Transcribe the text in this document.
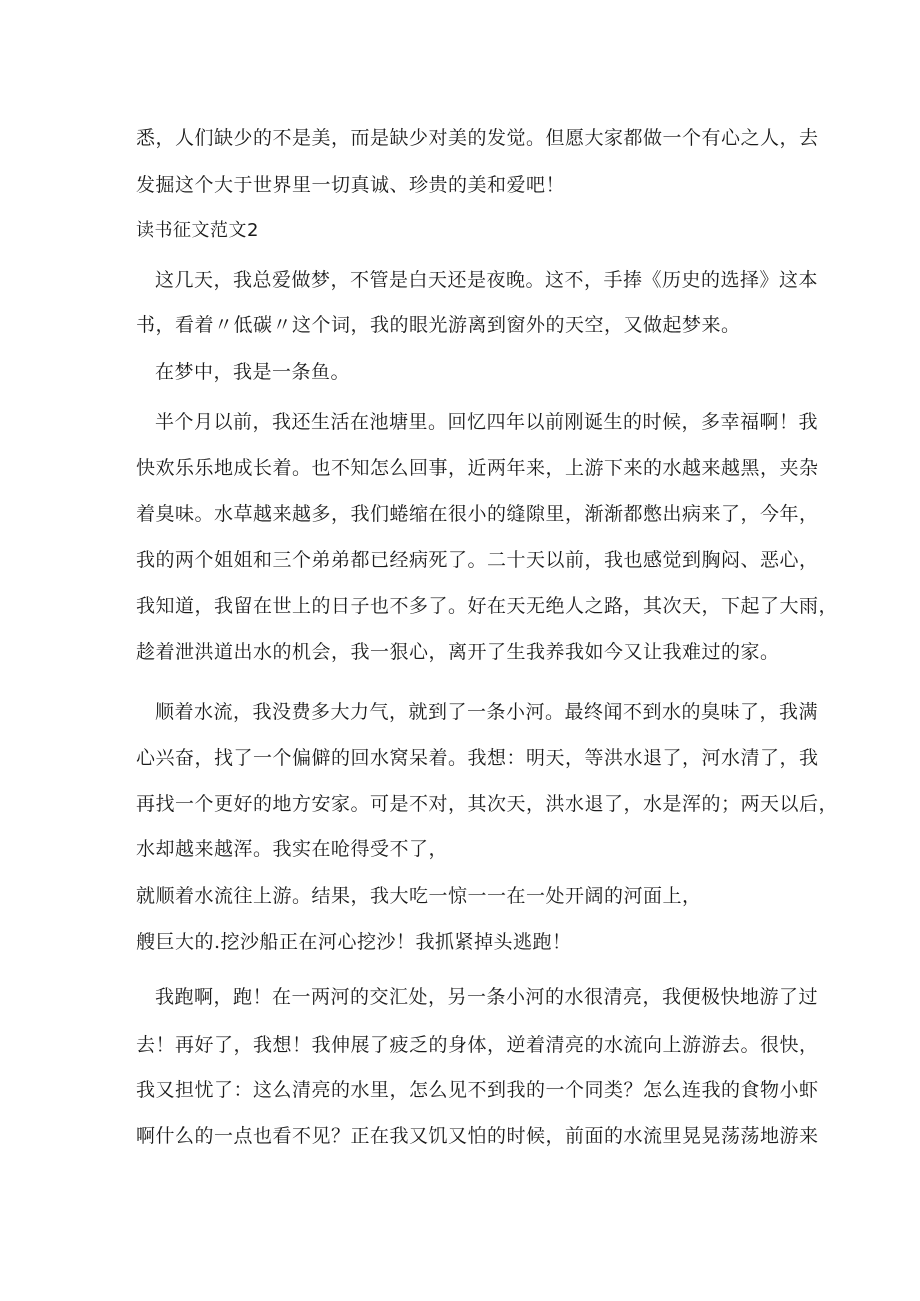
悉，人们缺少的不是美，而是缺少对美的发觉。但愿大家都做一个有心之人，去
发掘这个大于世界里一切真诚、珍贵的美和爱吧！
读书征文范文2
这几天，我总爱做梦，不管是白天还是夜晚。这不，手捧《历史的选择》这本
书，看着〃低碳〃这个词，我的眼光游离到窗外的天空，又做起梦来。
在梦中，我是一条鱼。
半个月以前，我还生活在池塘里。回忆四年以前刚诞生的时候，多幸福啊！我
快欢乐乐地成长着。也不知怎么回事，近两年来，上游下来的水越来越黑，夹杂
着臭味。水草越来越多，我们蜷缩在很小的缝隙里，渐渐都憋出病来了，今年，
我的两个姐姐和三个弟弟都已经病死了。二十天以前，我也感觉到胸闷、恶心，
我知道，我留在世上的日子也不多了。好在天无绝人之路，其次天，下起了大雨，
趁着泄洪道出水的机会，我一狠心，离开了生我养我如今又让我难过的家。
顺着水流，我没费多大力气，就到了一条小河。最终闻不到水的臭味了，我满
心兴奋，找了一个偏僻的回水窝呆着。我想：明天，等洪水退了，河水清了，我
再找一个更好的地方安家。可是不对，其次天，洪水退了，水是浑的；两天以后，
水却越来越浑。我实在呛得受不了，
就顺着水流往上游。结果，我大吃一惊一一在一处开阔的河面上，
艘巨大的.挖沙船正在河心挖沙！我抓紧掉头逃跑！
我跑啊，跑！在一两河的交汇处，另一条小河的水很清亮，我便极快地游了过
去！再好了，我想！我伸展了疲乏的身体，逆着清亮的水流向上游游去。很快，
我又担忧了：这么清亮的水里，怎么见不到我的一个同类？怎么连我的食物小虾
啊什么的一点也看不见？正在我又饥又怕的时候，前面的水流里晃晃荡荡地游来
